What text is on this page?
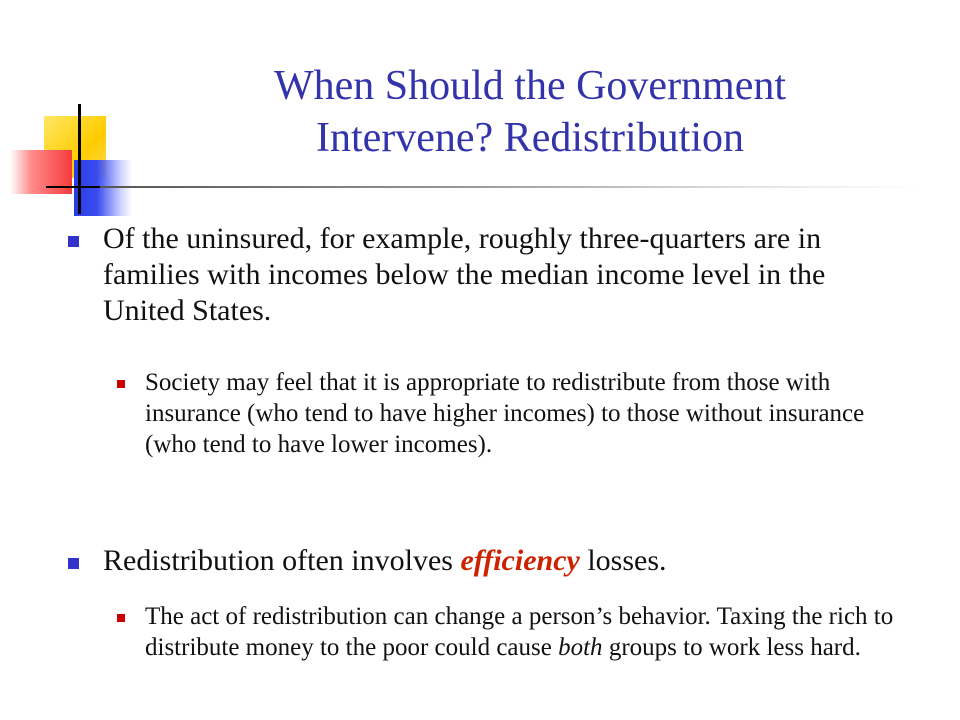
When Should the Government
Intervene? Redistribution

Of the uninsured, for example, roughly three-quarters are in families with incomes below the median income level in the United States.

Society may feel that it is appropriate to redistribute from those with insurance (who tend to have higher incomes) to those without insurance (who tend to have lower incomes).

Redistribution often involves efficiency losses.

The act of redistribution can change a person’s behavior. Taxing the rich to distribute money to the poor could cause both groups to work less hard.
